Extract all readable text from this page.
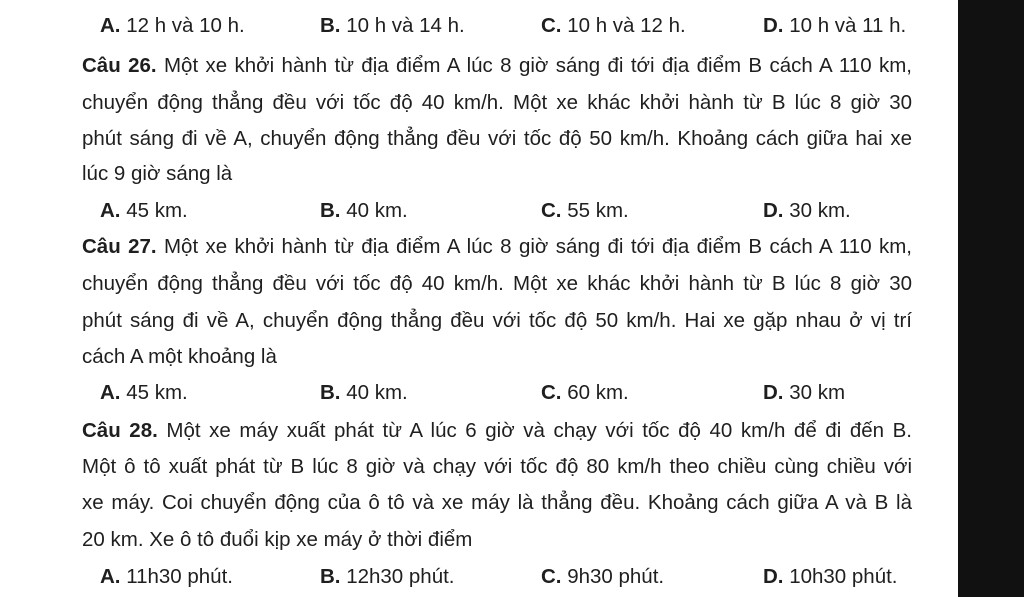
A. 12 h và 10 h.	B. 10 h và 14 h.	C. 10 h và 12 h.	D. 10 h và 11 h.
Câu 26. Một xe khởi hành từ địa điểm A lúc 8 giờ sáng đi tới địa điểm B cách A 110 km,
chuyển động thẳng đều với tốc độ 40 km/h. Một xe khác khởi hành từ B lúc 8 giờ 30
phút sáng đi về A, chuyển động thẳng đều với tốc độ 50 km/h. Khoảng cách giữa hai xe
lúc 9 giờ sáng là
A. 45 km.	B. 40 km.	C. 55 km.	D. 30 km.
Câu 27. Một xe khởi hành từ địa điểm A lúc 8 giờ sáng đi tới địa điểm B cách A 110 km,
chuyển động thẳng đều với tốc độ 40 km/h. Một xe khác khởi hành từ B lúc 8 giờ 30
phút sáng đi về A, chuyển động thẳng đều với tốc độ 50 km/h. Hai xe gặp nhau ở vị trí
cách A một khoảng là
A. 45 km.	B. 40 km.	C. 60 km.	D. 30 km
Câu 28. Một xe máy xuất phát từ A lúc 6 giờ và chạy với tốc độ 40 km/h để đi đến B.
Một ô tô xuất phát từ B lúc 8 giờ và chạy với tốc độ 80 km/h theo chiều cùng chiều với
xe máy. Coi chuyển động của ô tô và xe máy là thẳng đều. Khoảng cách giữa A và B là
20 km. Xe ô tô đuổi kịp xe máy ở thời điểm
A. 11h30 phút.	B. 12h30 phút.	C. 9h30 phút.	D. 10h30 phút.
